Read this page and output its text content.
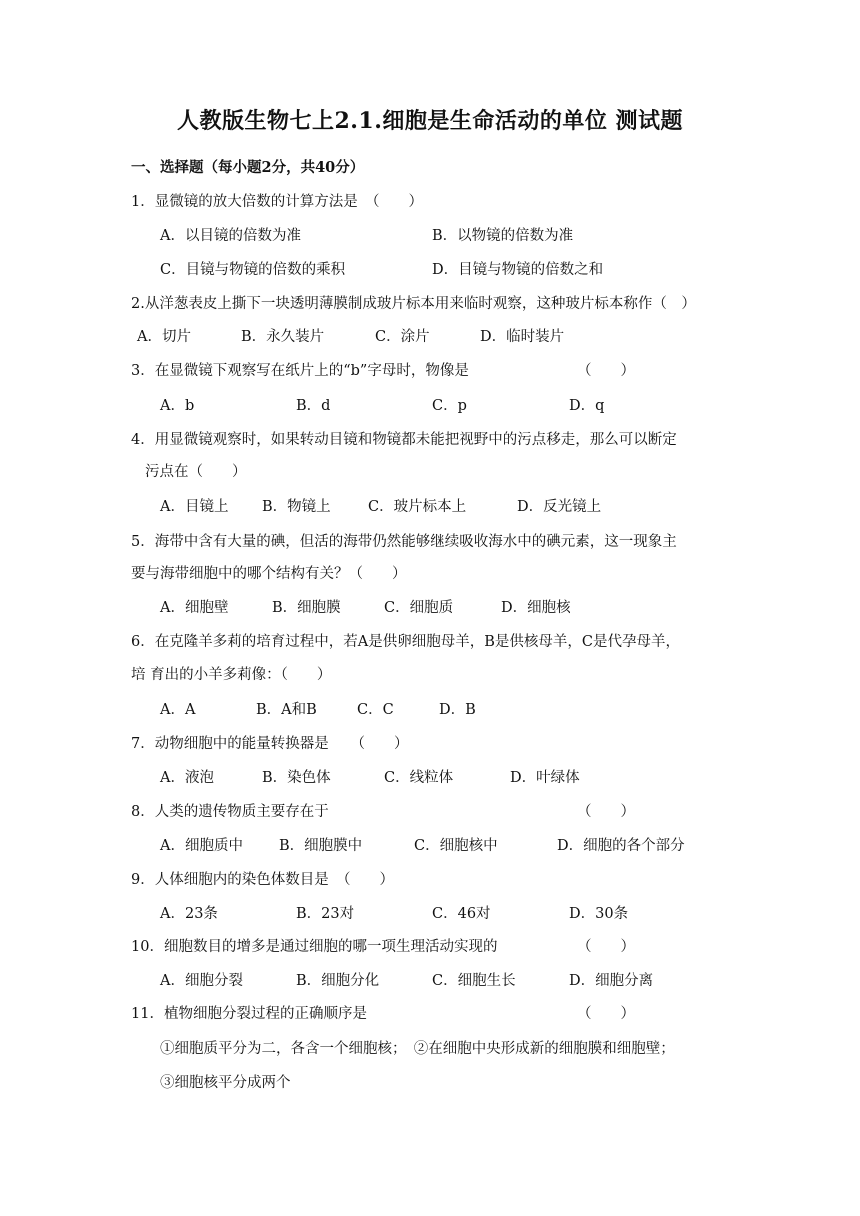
人教版生物七上2.1.细胞是生命活动的单位 测试题
一、选择题（每小题2分，共40分）
1．显微镜的放大倍数的计算方法是　（　　）
A．以目镜的倍数为准	B．以物镜的倍数为准
C．目镜与物镜的倍数的乘积	D．目镜与物镜的倍数之和
2.从洋葱表皮上撕下一块透明薄膜制成玻片标本用来临时观察，这种玻片标本称作（　）
A．切片	B．永久装片	C．涂片	D．临时装片
3．在显微镜下观察写在纸片上的“b”字母时，物像是	（　　）
A．b	B．d	C．p	D．q
4．用显微镜观察时，如果转动目镜和物镜都未能把视野中的污点移走，那么可以断定
污点在（　　）
A．目镜上 B．物镜上	C．玻片标本上	D．反光镜上
5．海带中含有大量的碘，但活的海带仍然能够继续吸收海水中的碘元素，这一现象主
要与海带细胞中的哪个结构有关？（　　）
A．细胞壁	B．细胞膜	C．细胞质	D．细胞核
6．在克隆羊多莉的培育过程中，若A是供卵细胞母羊，B是供核母羊，C是代孕母羊，
培 育出的小羊多莉像：（　　）
A．A	B．A和B	C．C	D．B
7．动物细胞中的能量转换器是　　（　　）
A．液泡	B．染色体	C．线粒体	D．叶绿体
8．人类的遗传物质主要存在于	（　　）
A．细胞质中 B．细胞膜中	C．细胞核中	D．细胞的各个部分
9．人体细胞内的染色体数目是　（　　）
A．23条	B．23对	C．46对	D．30条
10．细胞数目的增多是通过细胞的哪一项生理活动实现的	（　　）
A．细胞分裂	B．细胞分化	C．细胞生长	D．细胞分离
11．植物细胞分裂过程的正确顺序是	（　　）
①细胞质平分为二，各含一个细胞核；　②在细胞中央形成新的细胞膜和细胞壁；
③细胞核平分成两个
